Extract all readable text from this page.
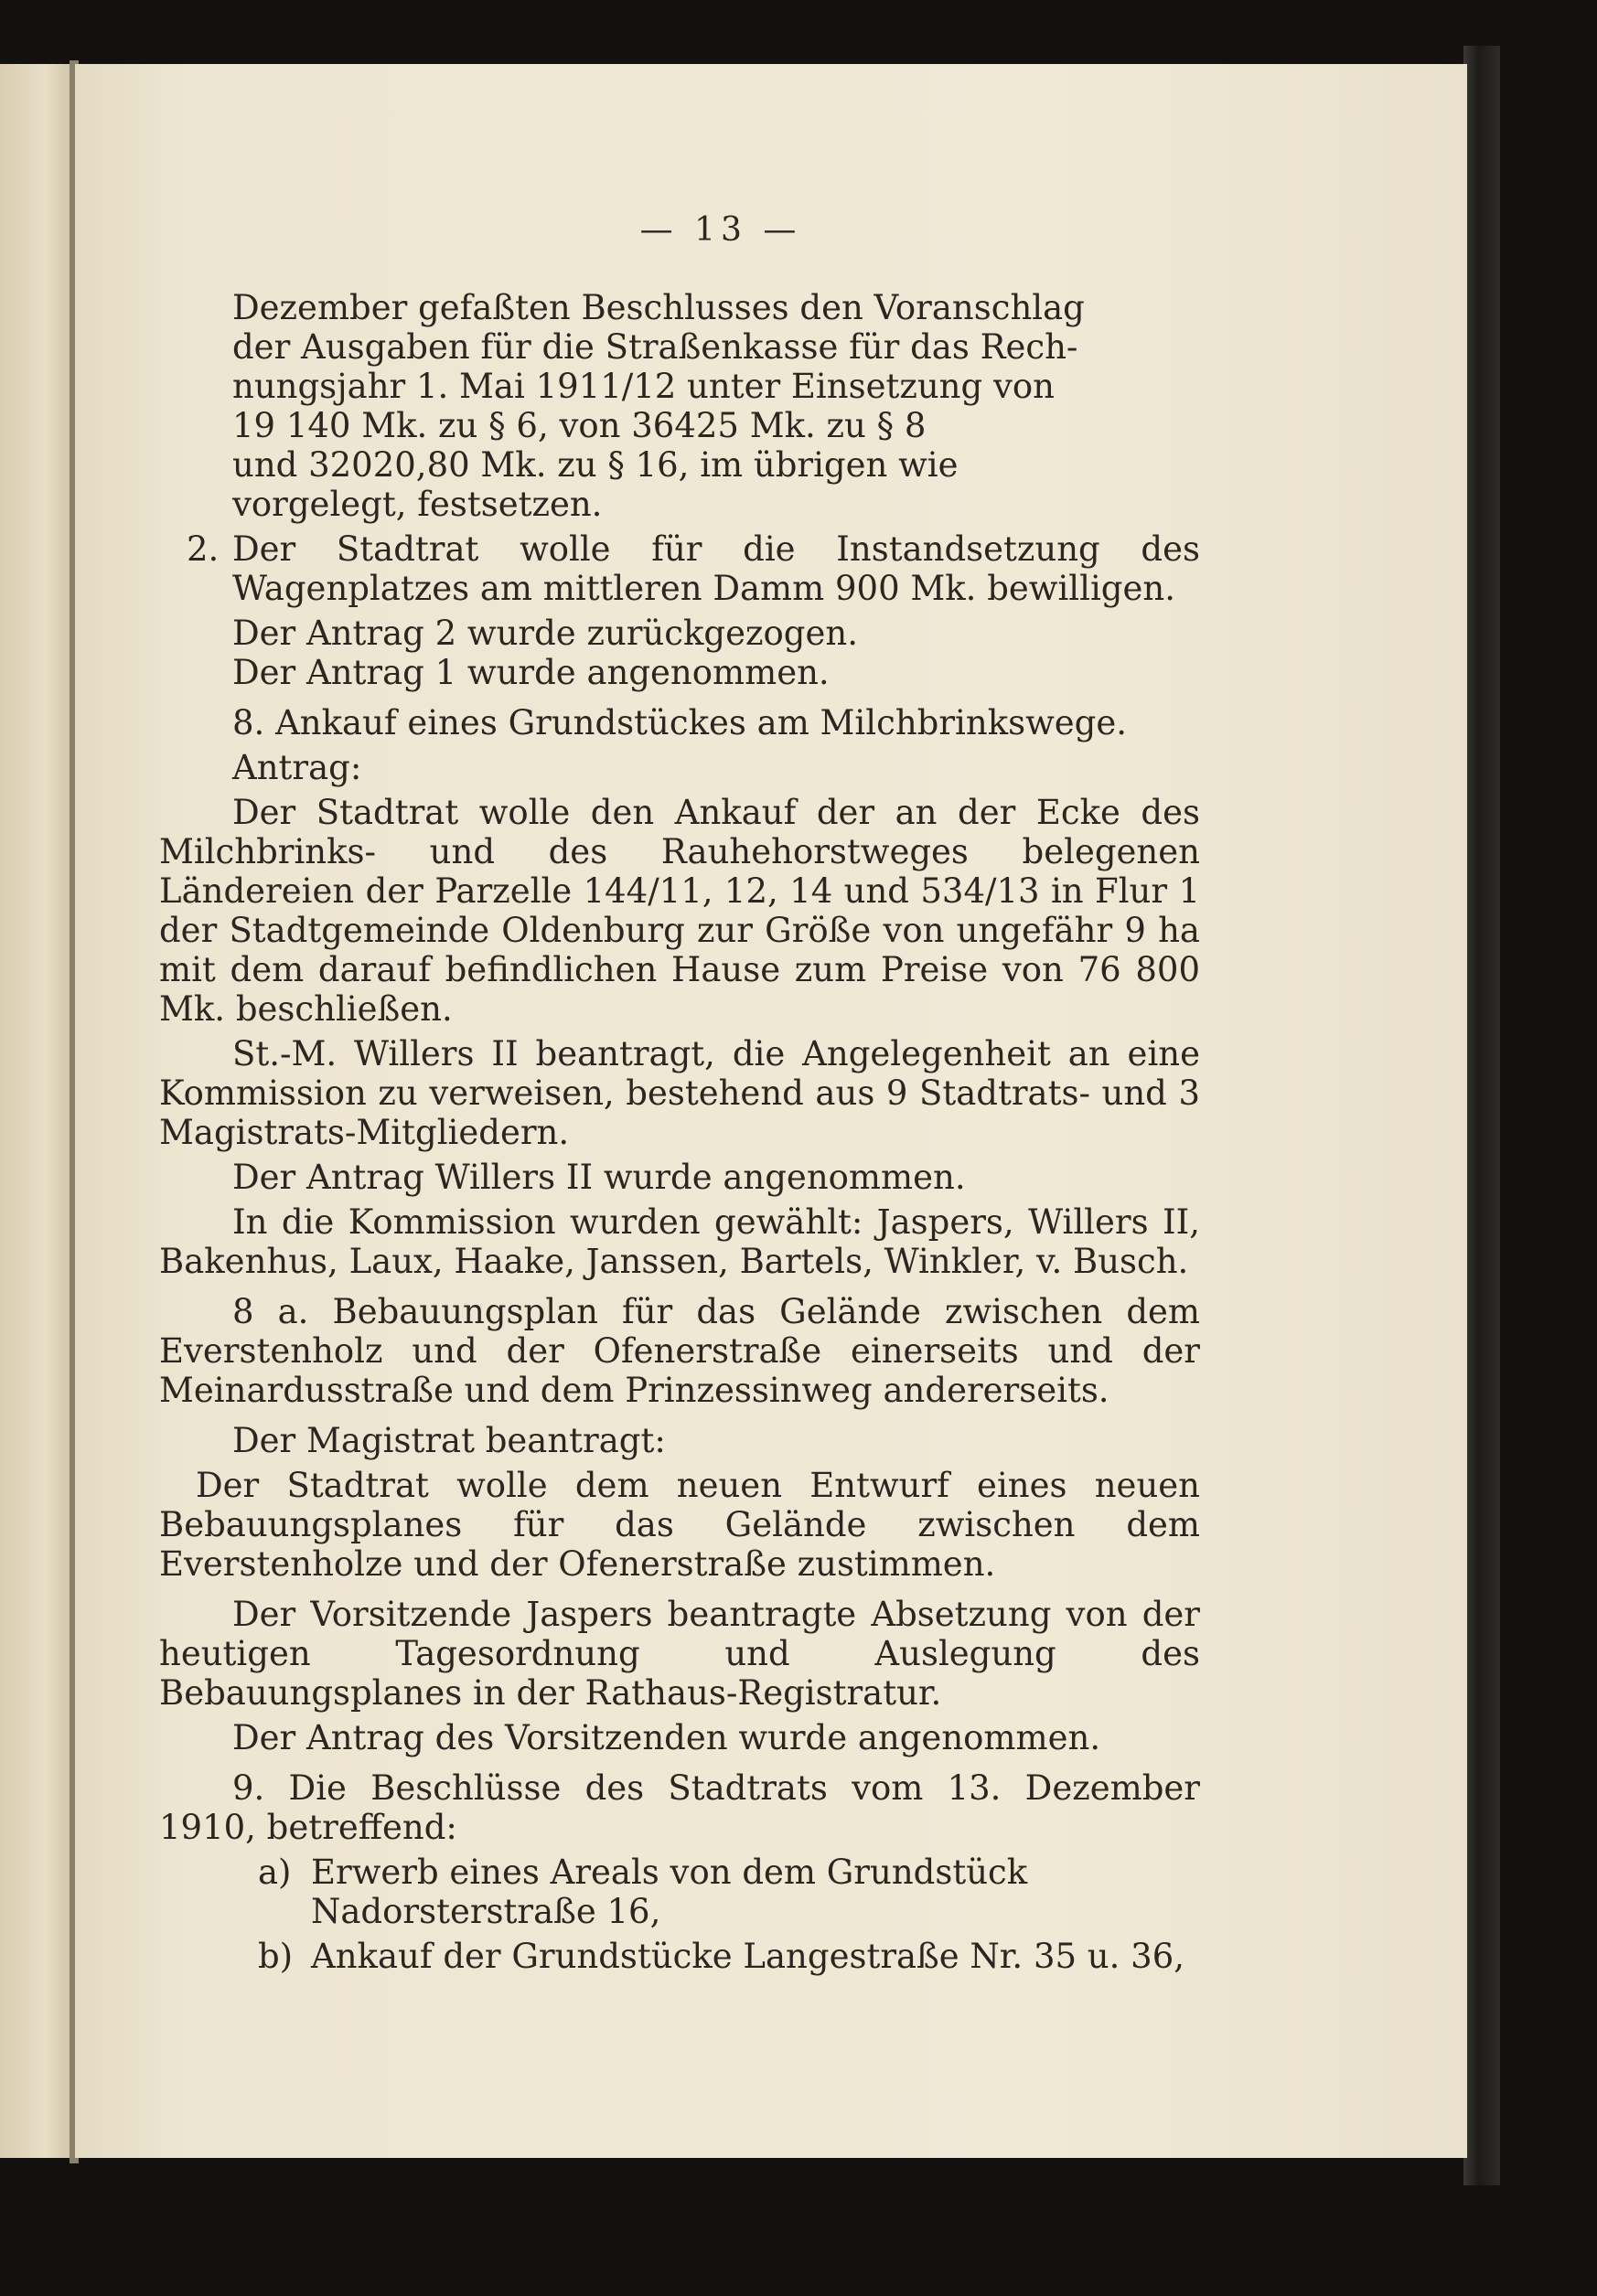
— 13 —
Dezember gefaßten Beschlusses den Voranschlag
der Ausgaben für die Straßenkasse für das Rech-
nungsjahr 1. Mai 1911/12 unter Einsetzung von
19 140 Mk. zu § 6, von 36425 Mk. zu § 8
und 32020,80 Mk. zu § 16, im übrigen wie
vorgelegt, festsetzen.
2. Der Stadtrat wolle für die Instandsetzung des Wagenplatzes am mittleren Damm 900 Mk. bewilligen.
Der Antrag 2 wurde zurückgezogen.
Der Antrag 1 wurde angenommen.
8. Ankauf eines Grundstückes am Milchbrinkswege.
Antrag:
Der Stadtrat wolle den Ankauf der an der Ecke des Milchbrinks- und des Rauhehorstweges belegenen Ländereien der Parzelle 144/11, 12, 14 und 534/13 in Flur 1 der Stadtgemeinde Oldenburg zur Größe von ungefähr 9 ha mit dem darauf befindlichen Hause zum Preise von 76 800 Mk. beschließen.
St.-M. Willers II beantragt, die Angelegenheit an eine Kommission zu verweisen, bestehend aus 9 Stadtrats- und 3 Magistrats-Mitgliedern.
Der Antrag Willers II wurde angenommen.
In die Kommission wurden gewählt: Jaspers, Willers II, Bakenhus, Laux, Haake, Janssen, Bartels, Winkler, v. Busch.
8 a. Bebauungsplan für das Gelände zwischen dem Everstenholz und der Ofenerstraße einerseits und der Meinardusstraße und dem Prinzessinweg andererseits.
Der Magistrat beantragt:
Der Stadtrat wolle dem neuen Entwurf eines neuen Bebauungsplanes für das Gelände zwischen dem Everstenholze und der Ofenerstraße zustimmen.
Der Vorsitzende Jaspers beantragte Absetzung von der heutigen Tagesordnung und Auslegung des Bebauungsplanes in der Rathaus-Registratur.
Der Antrag des Vorsitzenden wurde angenommen.
9. Die Beschlüsse des Stadtrats vom 13. Dezember 1910, betreffend:
a) Erwerb eines Areals von dem Grundstück Nadorsterstraße 16,
b) Ankauf der Grundstücke Langestraße Nr. 35 u. 36,
